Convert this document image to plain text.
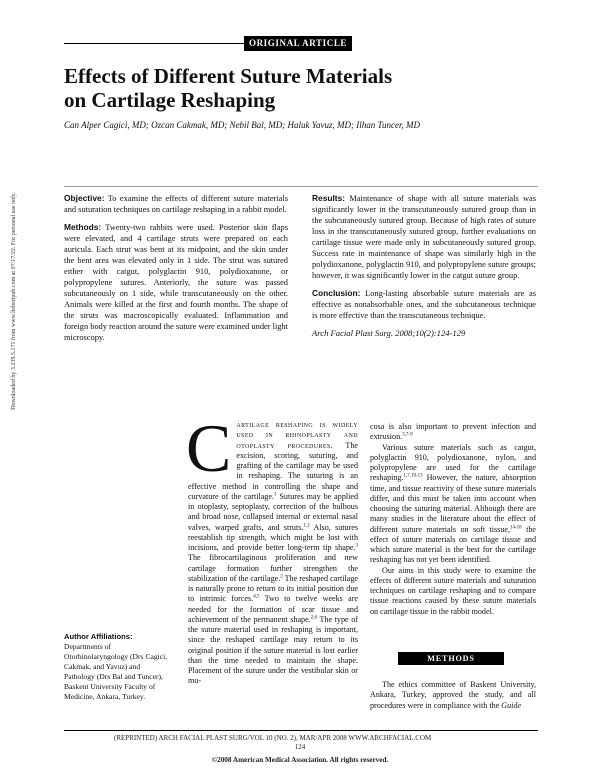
ORIGINAL ARTICLE
Effects of Different Suture Materials
on Cartilage Reshaping
Can Alper Cagici, MD; Ozcan Cakmak, MD; Nebil Bal, MD; Haluk Yavuz, MD; Ilhan Tuncer, MD

Objective: To examine the effects of different suture materials and suturation techniques on cartilage reshaping in a rabbit model.

Methods: Twenty-two rabbits were used. Posterior skin flaps were elevated, and 4 cartilage struts were prepared on each auricula. Each strut was bent at its midpoint, and the skin under the bent area was elevated only in 1 side. The strut was sutured either with catgut, polyglactin 910, polydioxanone, or polypropylene sutures. Anteriorly, the suture was passed subcutaneously on 1 side, while transcutaneously on the other. Animals were killed at the first and fourth months. The shape of the struts was macroscopically evaluated. Inflammation and foreign body reaction around the suture were examined under light microscopy.

Results: Maintenance of shape with all suture materials was significantly lower in the transcutaneously sutured group than in the subcutaneously sutured group. Because of high rates of suture loss in the transcutaneously sutured group, further evaluations on cartilage tissue were made only in subcutaneously sutured group. Success rate in maintenance of shape was similarly high in the polydioxanone, polyglactin 910, and polypropylene suture groups; however, it was significantly lower in the catgut suture group.

Conclusion: Long-lasting absorbable suture materials are as effective as nonabsorbable ones, and the subcutaneous technique is more effective than the transcutaneous technique.

Arch Facial Plast Surg. 2008;10(2):124-129

Downloaded by 3.239.5.171 from www.liebertpub.com at 07/17/22. For personal use only.
Author Affiliations:
Departments of Otorhinolaryngology (Drs Cagici, Cakmak, and Yavuz) and Pathology (Drs Bal and Tuncer), Baskent University Faculty of Medicine, Ankara, Turkey.

Cartilage reshaping is widely used in rhinoplasty and otoplasty procedures. The excision, scoring, suturing, and grafting of the cartilage may be used in reshaping. The suturing is an effective method in controlling the shape and curvature of the cartilage.$^1$ Sutures may be applied in otoplasty, septoplasty, correction of the bulbous and broad nose, collapsed internal or external nasal valves, warped grafts, and struts.$^{1,2}$ Also, sutures reestablish tip strength, which might be lost with incisions, and provide better long-term tip shape.$^3$ The fibrocartilaginous proliferation and new cartilage formation further strengthen the stabilization of the cartilage.$^2$ The reshaped cartilage is naturally prone to return to its initial position due to intrinsic forces.$^{4,5}$ Two to twelve weeks are needed for the formation of scar tissue and achievement of the permanent shape.$^{2,6}$ The type of the suture material used in reshaping is important, since the reshaped cartilage may return to its original position if the suture material is lost earlier than the time needed to maintain the shape. Placement of the suture under the vestibular skin or mu-

cosa is also important to prevent infection and extrusion.$^{3,7-9}$

Various suture materials such as catgut, polyglactin 910, polydioxanone, nylon, and polypropylene are used for the cartilage reshaping.$^{1,7,10-13}$ However, the nature, absorption time, and tissue reactivity of these suture materials differ, and this must be taken into account when choosing the suturing material. Although there are many studies in the literature about the effect of different suture materials on soft tissue,$^{14-18}$ the effect of suture materials on cartilage tissue and which suture material is the best for the cartilage reshaping has not yet been identified.

Our aims in this study were to examine the effects of different suture materials and suturation techniques on cartilage reshaping and to compare tissue reactions caused by these suture materials on cartilage tissue in the rabbit model.

METHODS

The ethics committee of Baskent University, Ankara, Turkey, approved the study, and all procedures were in compliance with the Guide

(REPRINTED) ARCH FACIAL PLAST SURG/VOL 10 (NO. 2), MAR/APR 2008 WWW.ARCHFACIAL.COM
124
©2008 American Medical Association. All rights reserved.
